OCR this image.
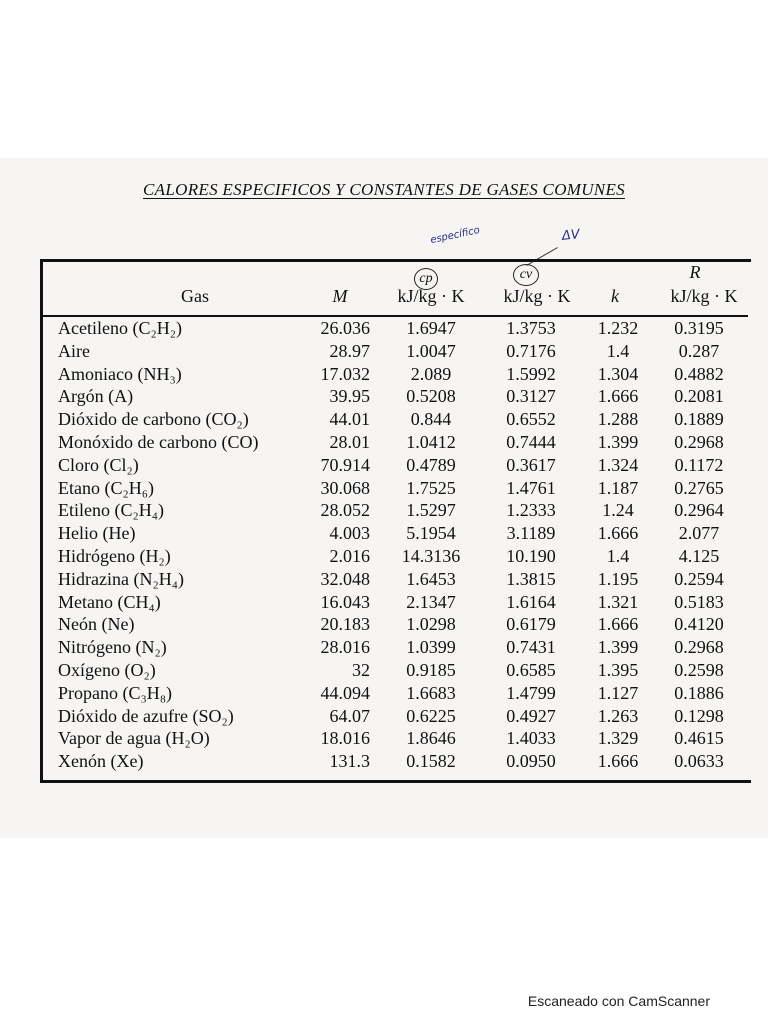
CALORES ESPECIFICOS Y CONSTANTES DE GASES COMUNES
específico	ΔV
R
cp	cv
Gas	M	kJ/kg · K	kJ/kg · K	k	kJ/kg · K
Acetileno (C₂H₂)	26.036	1.6947	1.3753	1.232	0.3195
Aire	28.97	1.0047	0.7176	1.4	0.287
Amoniaco (NH₃)	17.032	2.089	1.5992	1.304	0.4882
Argón (A)	39.95	0.5208	0.3127	1.666	0.2081
Dióxido de carbono (CO₂)	44.01	0.844	0.6552	1.288	0.1889
Monóxido de carbono (CO)	28.01	1.0412	0.7444	1.399	0.2968
Cloro (Cl₂)	70.914	0.4789	0.3617	1.324	0.1172
Etano (C₂H₆)	30.068	1.7525	1.4761	1.187	0.2765
Etileno (C₂H₄)	28.052	1.5297	1.2333	1.24	0.2964
Helio (He)	4.003	5.1954	3.1189	1.666	2.077
Hidrógeno (H₂)	2.016	14.3136	10.190	1.4	4.125
Hidrazina (N₂H₄)	32.048	1.6453	1.3815	1.195	0.2594
Metano (CH₄)	16.043	2.1347	1.6164	1.321	0.5183
Neón (Ne)	20.183	1.0298	0.6179	1.666	0.4120
Nitrógeno (N₂)	28.016	1.0399	0.7431	1.399	0.2968
Oxígeno (O₂)	32	0.9185	0.6585	1.395	0.2598
Propano (C₃H₈)	44.094	1.6683	1.4799	1.127	0.1886
Dióxido de azufre (SO₂)	64.07	0.6225	0.4927	1.263	0.1298
Vapor de agua (H₂O)	18.016	1.8646	1.4033	1.329	0.4615
Xenón (Xe)	131.3	0.1582	0.0950	1.666	0.0633
Escaneado con CamScanner
